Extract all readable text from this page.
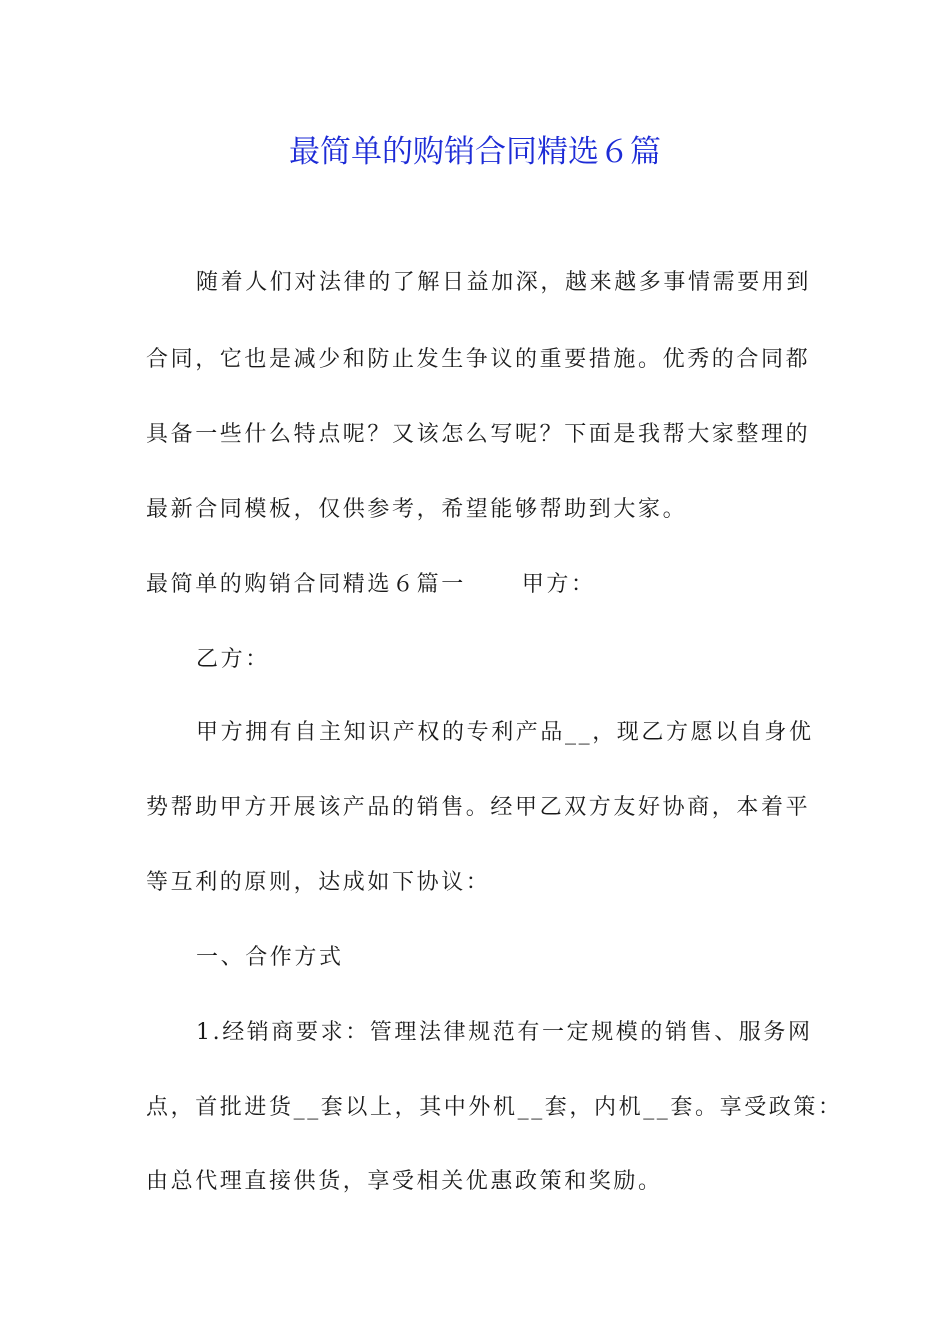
最简单的购销合同精选６篇

随着人们对法律的了解日益加深，越来越多事情需要用到

合同，它也是减少和防止发生争议的重要措施。优秀的合同都

具备一些什么特点呢？又该怎么写呢？下面是我帮大家整理的

最新合同模板，仅供参考，希望能够帮助到大家。

最简单的购销合同精选６篇一	甲方：

乙方：

甲方拥有自主知识产权的专利产品__，现乙方愿以自身优

势帮助甲方开展该产品的销售。经甲乙双方友好协商，本着平

等互利的原则，达成如下协议：

一、合作方式

1.经销商要求：管理法律规范有一定规模的销售、服务网

点，首批进货__套以上，其中外机__套，内机__套。享受政策：

由总代理直接供货，享受相关优惠政策和奖励。
